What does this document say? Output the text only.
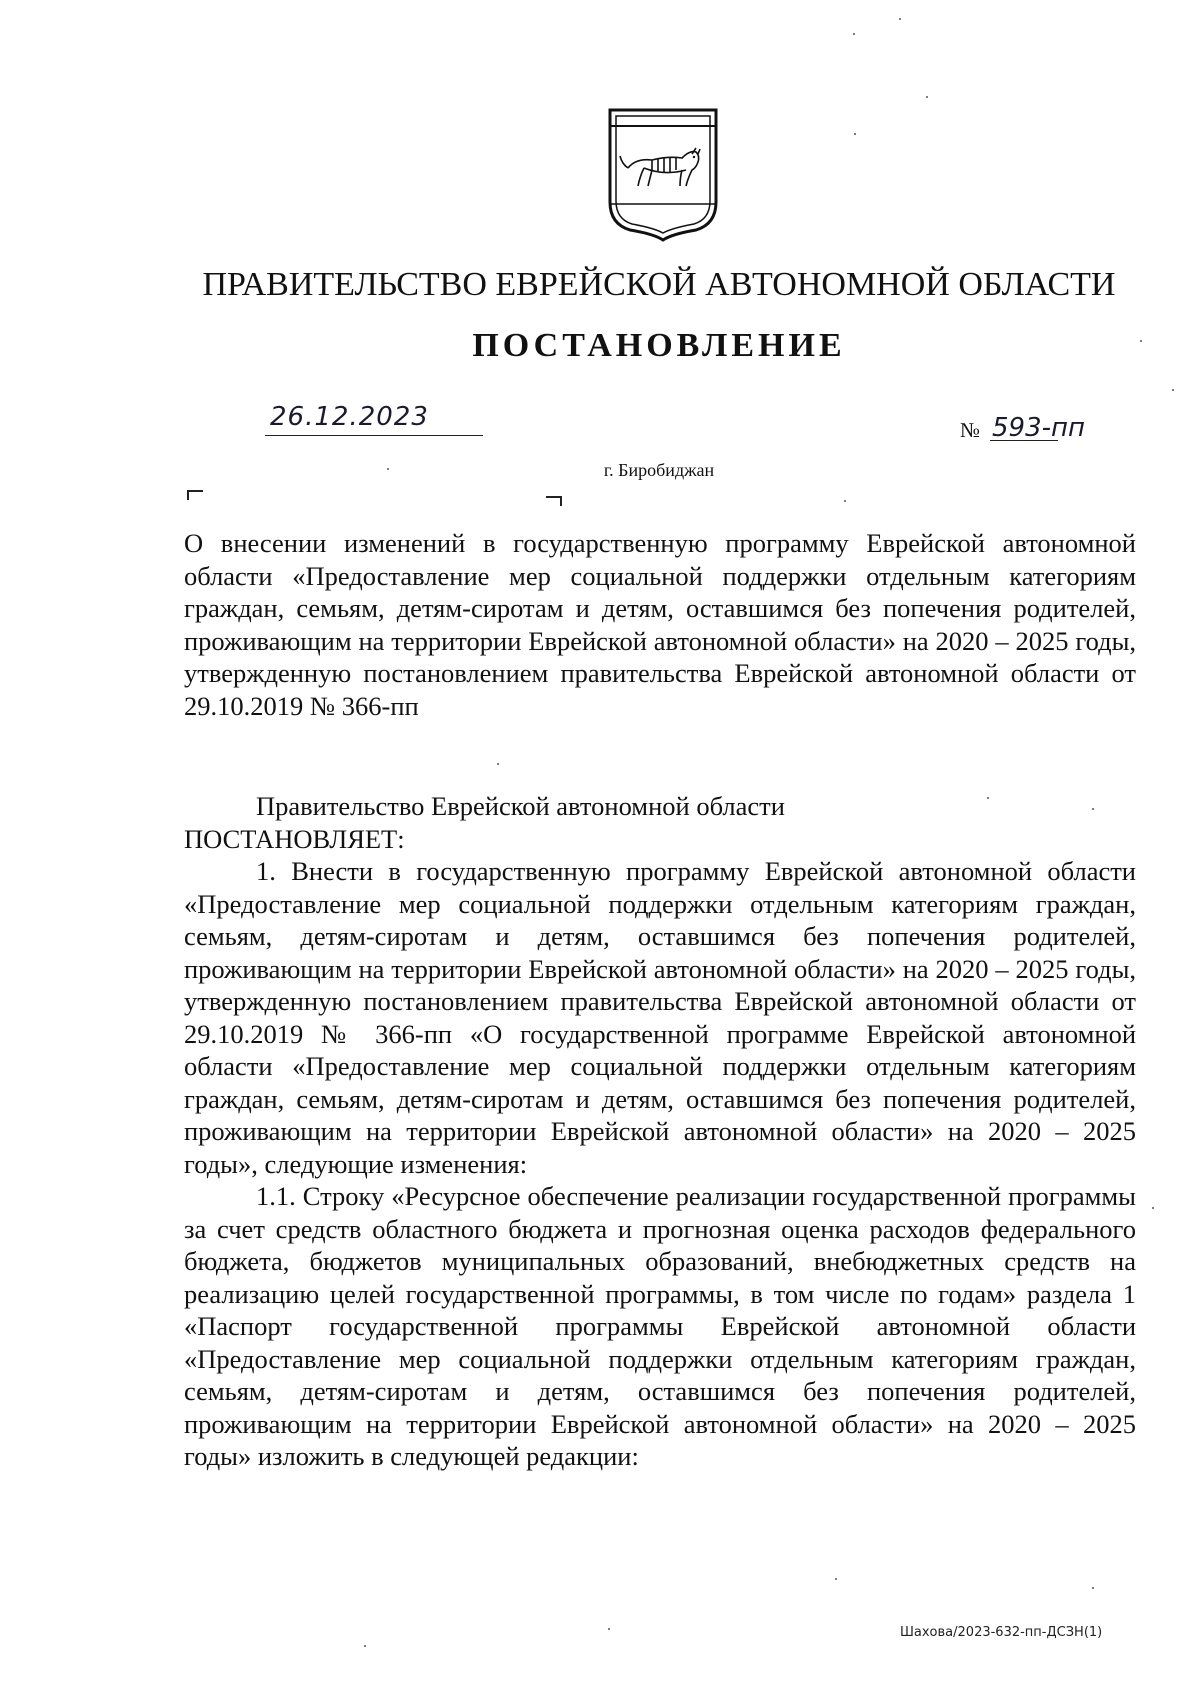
ПРАВИТЕЛЬСТВО ЕВРЕЙСКОЙ АВТОНОМНОЙ ОБЛАСТИ
ПОСТАНОВЛЕНИЕ
26.12.2023	№ 593-пп
г. Биробиджан
О внесении изменений в государственную программу Еврейской автономной области «Предоставление мер социальной поддержки отдельным категориям граждан, семьям, детям-сиротам и детям, оставшимся без попечения родителей, проживающим на территории Еврейской автономной области» на 2020 – 2025 годы, утвержденную постановлением правительства Еврейской автономной области от 29.10.2019 № 366-пп

Правительство Еврейской автономной области

ПОСТАНОВЛЯЕТ:

1. Внести в государственную программу Еврейской автономной области «Предоставление мер социальной поддержки отдельным категориям граждан, семьям, детям-сиротам и детям, оставшимся без попечения родителей, проживающим на территории Еврейской автономной области» на 2020 – 2025 годы, утвержденную постановлением правительства Еврейской автономной области от 29.10.2019 № 366-пп «О государственной программе Еврейской автономной области «Предоставление мер социальной поддержки отдельным категориям граждан, семьям, детям-сиротам и детям, оставшимся без попечения родителей, проживающим на территории Еврейской автономной области» на 2020 – 2025 годы», следующие изменения:

1.1. Строку «Ресурсное обеспечение реализации государственной программы за счет средств областного бюджета и прогнозная оценка расходов федерального бюджета, бюджетов муниципальных образований, внебюджетных средств на реализацию целей государственной программы, в том числе по годам» раздела 1 «Паспорт государственной программы Еврейской автономной области «Предоставление мер социальной поддержки отдельным категориям граждан, семьям, детям-сиротам и детям, оставшимся без попечения родителей, проживающим на территории Еврейской автономной области» на 2020 – 2025 годы» изложить в следующей редакции:

Шахова/2023-632-пп-ДСЗН(1)
